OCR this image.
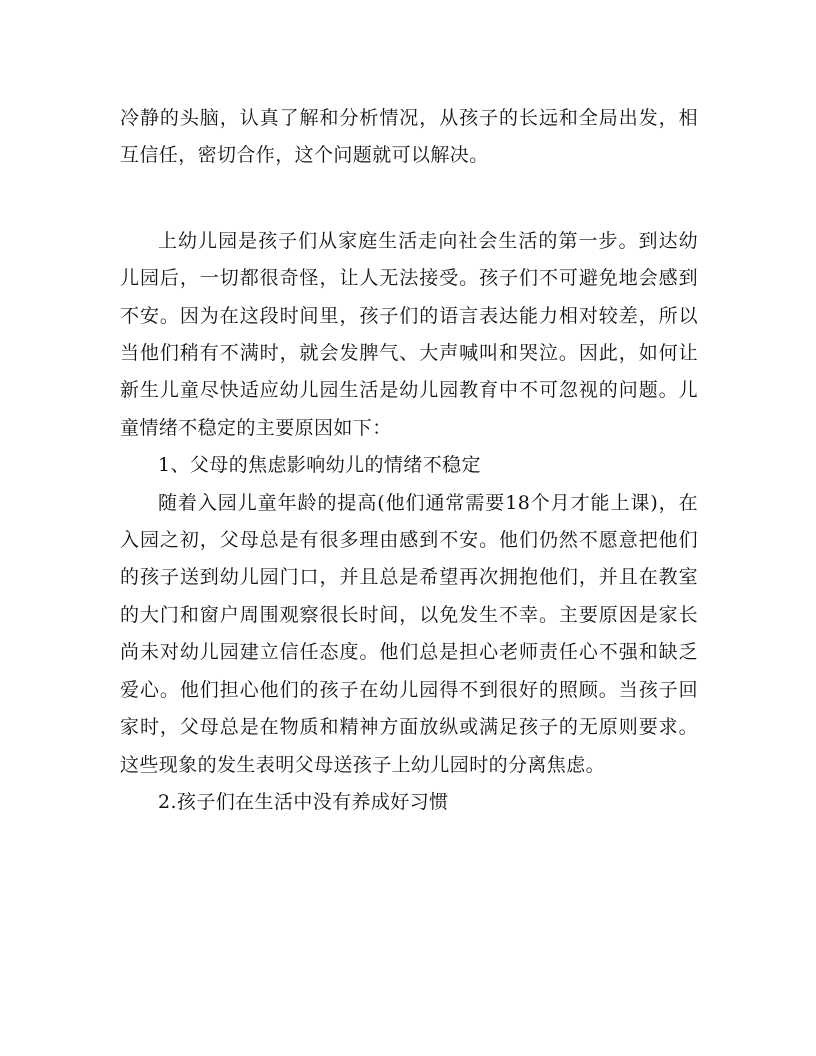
冷静的头脑，认真了解和分析情况，从孩子的长远和全局出发，相互信任，密切合作，这个问题就可以解决。

上幼儿园是孩子们从家庭生活走向社会生活的第一步。到达幼儿园后，一切都很奇怪，让人无法接受。孩子们不可避免地会感到不安。因为在这段时间里，孩子们的语言表达能力相对较差，所以当他们稍有不满时，就会发脾气、大声喊叫和哭泣。因此，如何让新生儿童尽快适应幼儿园生活是幼儿园教育中不可忽视的问题。儿童情绪不稳定的主要原因如下：

1、父母的焦虑影响幼儿的情绪不稳定

随着入园儿童年龄的提高(他们通常需要18个月才能上课)，在入园之初，父母总是有很多理由感到不安。他们仍然不愿意把他们的孩子送到幼儿园门口，并且总是希望再次拥抱他们，并且在教室的大门和窗户周围观察很长时间，以免发生不幸。主要原因是家长尚未对幼儿园建立信任态度。他们总是担心老师责任心不强和缺乏爱心。他们担心他们的孩子在幼儿园得不到很好的照顾。当孩子回家时，父母总是在物质和精神方面放纵或满足孩子的无原则要求。这些现象的发生表明父母送孩子上幼儿园时的分离焦虑。

2.孩子们在生活中没有养成好习惯
